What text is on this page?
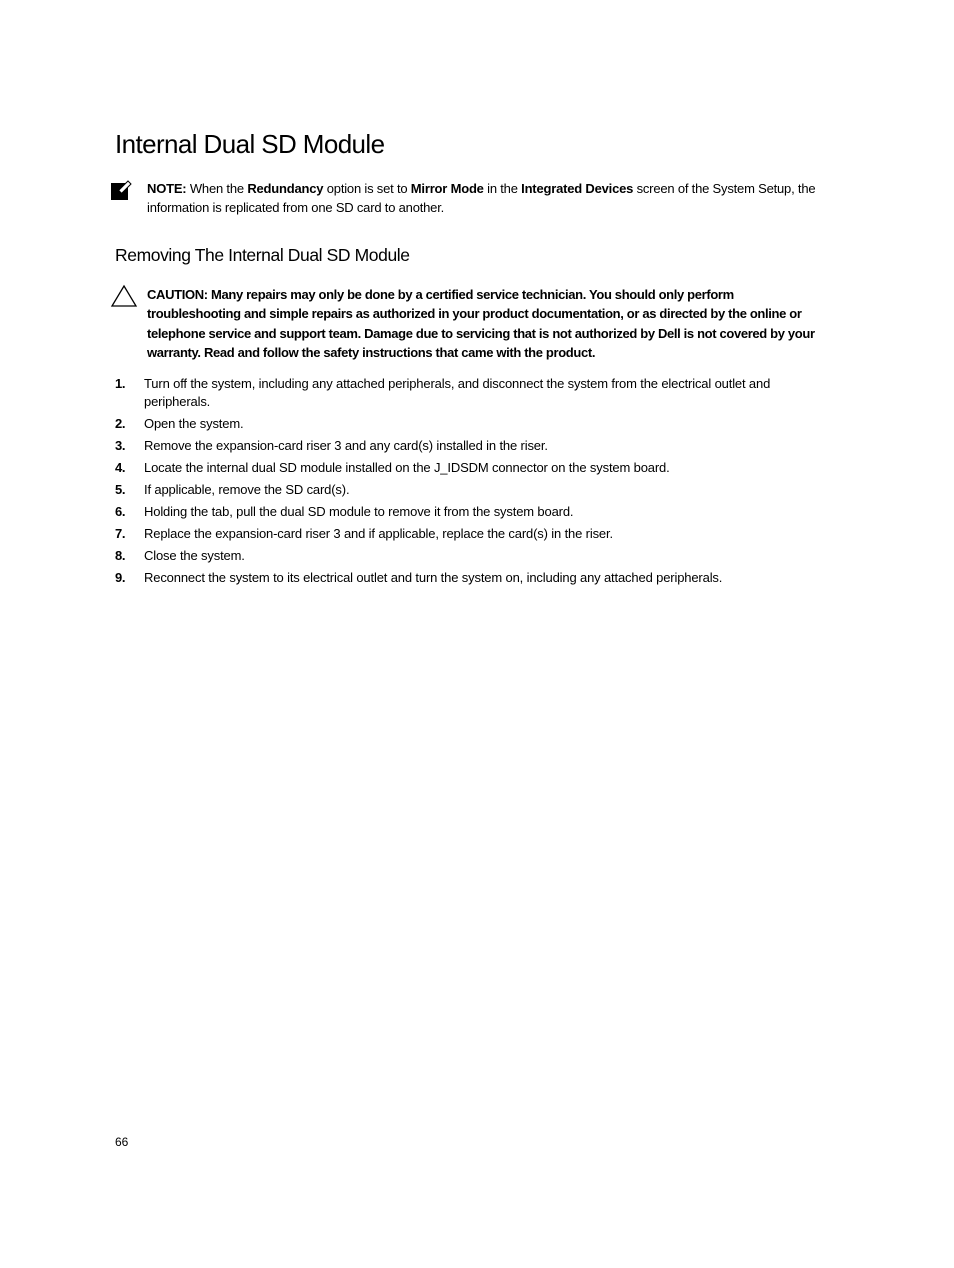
Internal Dual SD Module
NOTE: When the Redundancy option is set to Mirror Mode in the Integrated Devices screen of the System Setup, the information is replicated from one SD card to another.
Removing The Internal Dual SD Module
CAUTION: Many repairs may only be done by a certified service technician. You should only perform troubleshooting and simple repairs as authorized in your product documentation, or as directed by the online or telephone service and support team. Damage due to servicing that is not authorized by Dell is not covered by your warranty. Read and follow the safety instructions that came with the product.
1. Turn off the system, including any attached peripherals, and disconnect the system from the electrical outlet and peripherals.
2. Open the system.
3. Remove the expansion-card riser 3 and any card(s) installed in the riser.
4. Locate the internal dual SD module installed on the J_IDSDM connector on the system board.
5. If applicable, remove the SD card(s).
6. Holding the tab, pull the dual SD module to remove it from the system board.
7. Replace the expansion-card riser 3 and if applicable, replace the card(s) in the riser.
8. Close the system.
9. Reconnect the system to its electrical outlet and turn the system on, including any attached peripherals.
66
